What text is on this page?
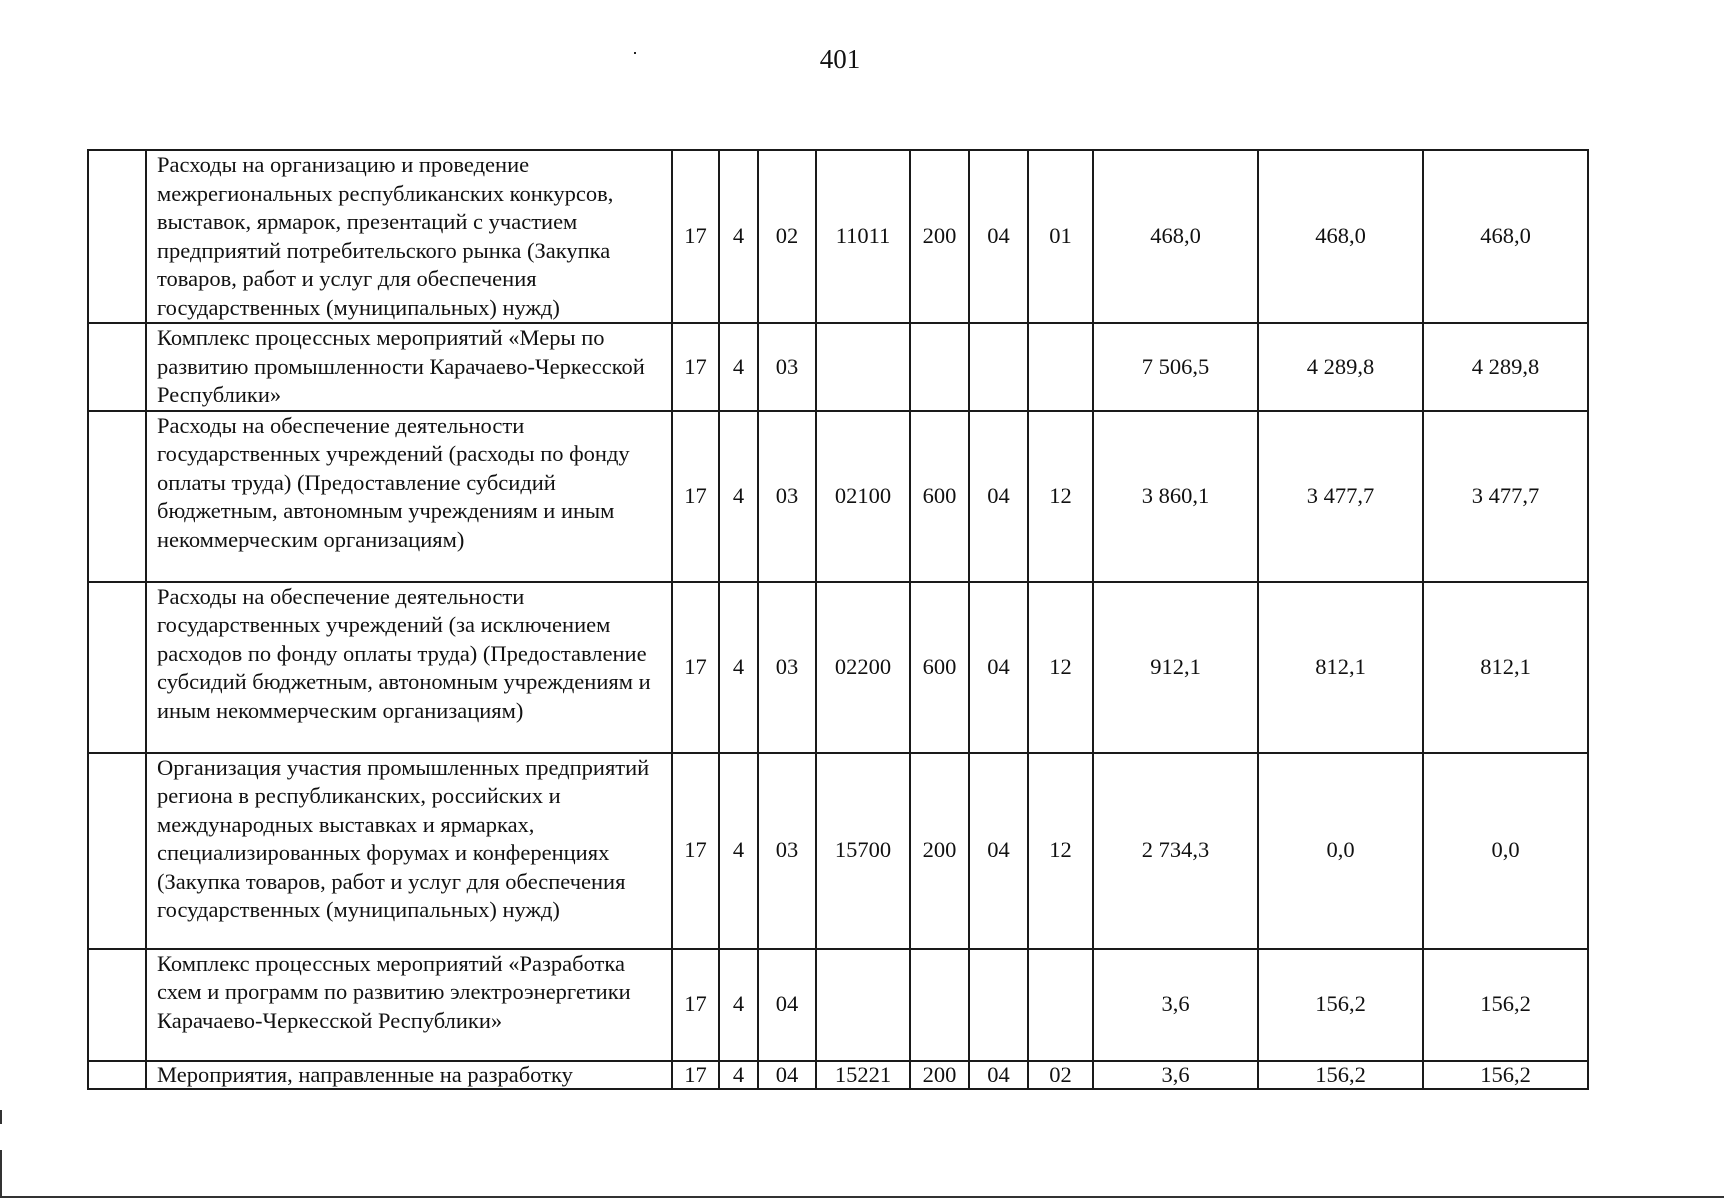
401
	Расходы на организацию и проведение межрегиональных республиканских конкурсов, выставок, ярмарок, презентаций с участием предприятий потребительского рынка (Закупка товаров, работ и услуг для обеспечения государственных (муниципальных) нужд)	17	4	02	11011	200	04	01	468,0	468,0	468,0
	Комплекс процессных мероприятий «Меры по развитию промышленности Карачаево-Черкесской Республики»	17	4	03					7 506,5	4 289,8	4 289,8
	Расходы на обеспечение деятельности государственных учреждений (расходы по фонду оплаты труда) (Предоставление субсидий бюджетным, автономным учреждениям и иным некоммерческим организациям)	17	4	03	02100	600	04	12	3 860,1	3 477,7	3 477,7
	Расходы на обеспечение деятельности государственных учреждений (за исключением расходов по фонду оплаты труда) (Предоставление субсидий бюджетным, автономным учреждениям и иным некоммерческим организациям)	17	4	03	02200	600	04	12	912,1	812,1	812,1
	Организация участия промышленных предприятий региона в республиканских, российских и международных выставках и ярмарках, специализированных форумах и конференциях (Закупка товаров, работ и услуг для обеспечения государственных (муниципальных) нужд)	17	4	03	15700	200	04	12	2 734,3	0,0	0,0
	Комплекс процессных мероприятий «Разработка схем и программ по развитию электроэнергетики Карачаево-Черкесской Республики»	17	4	04					3,6	156,2	156,2
	Мероприятия, направленные на разработку	17	4	04	15221	200	04	02	3,6	156,2	156,2
